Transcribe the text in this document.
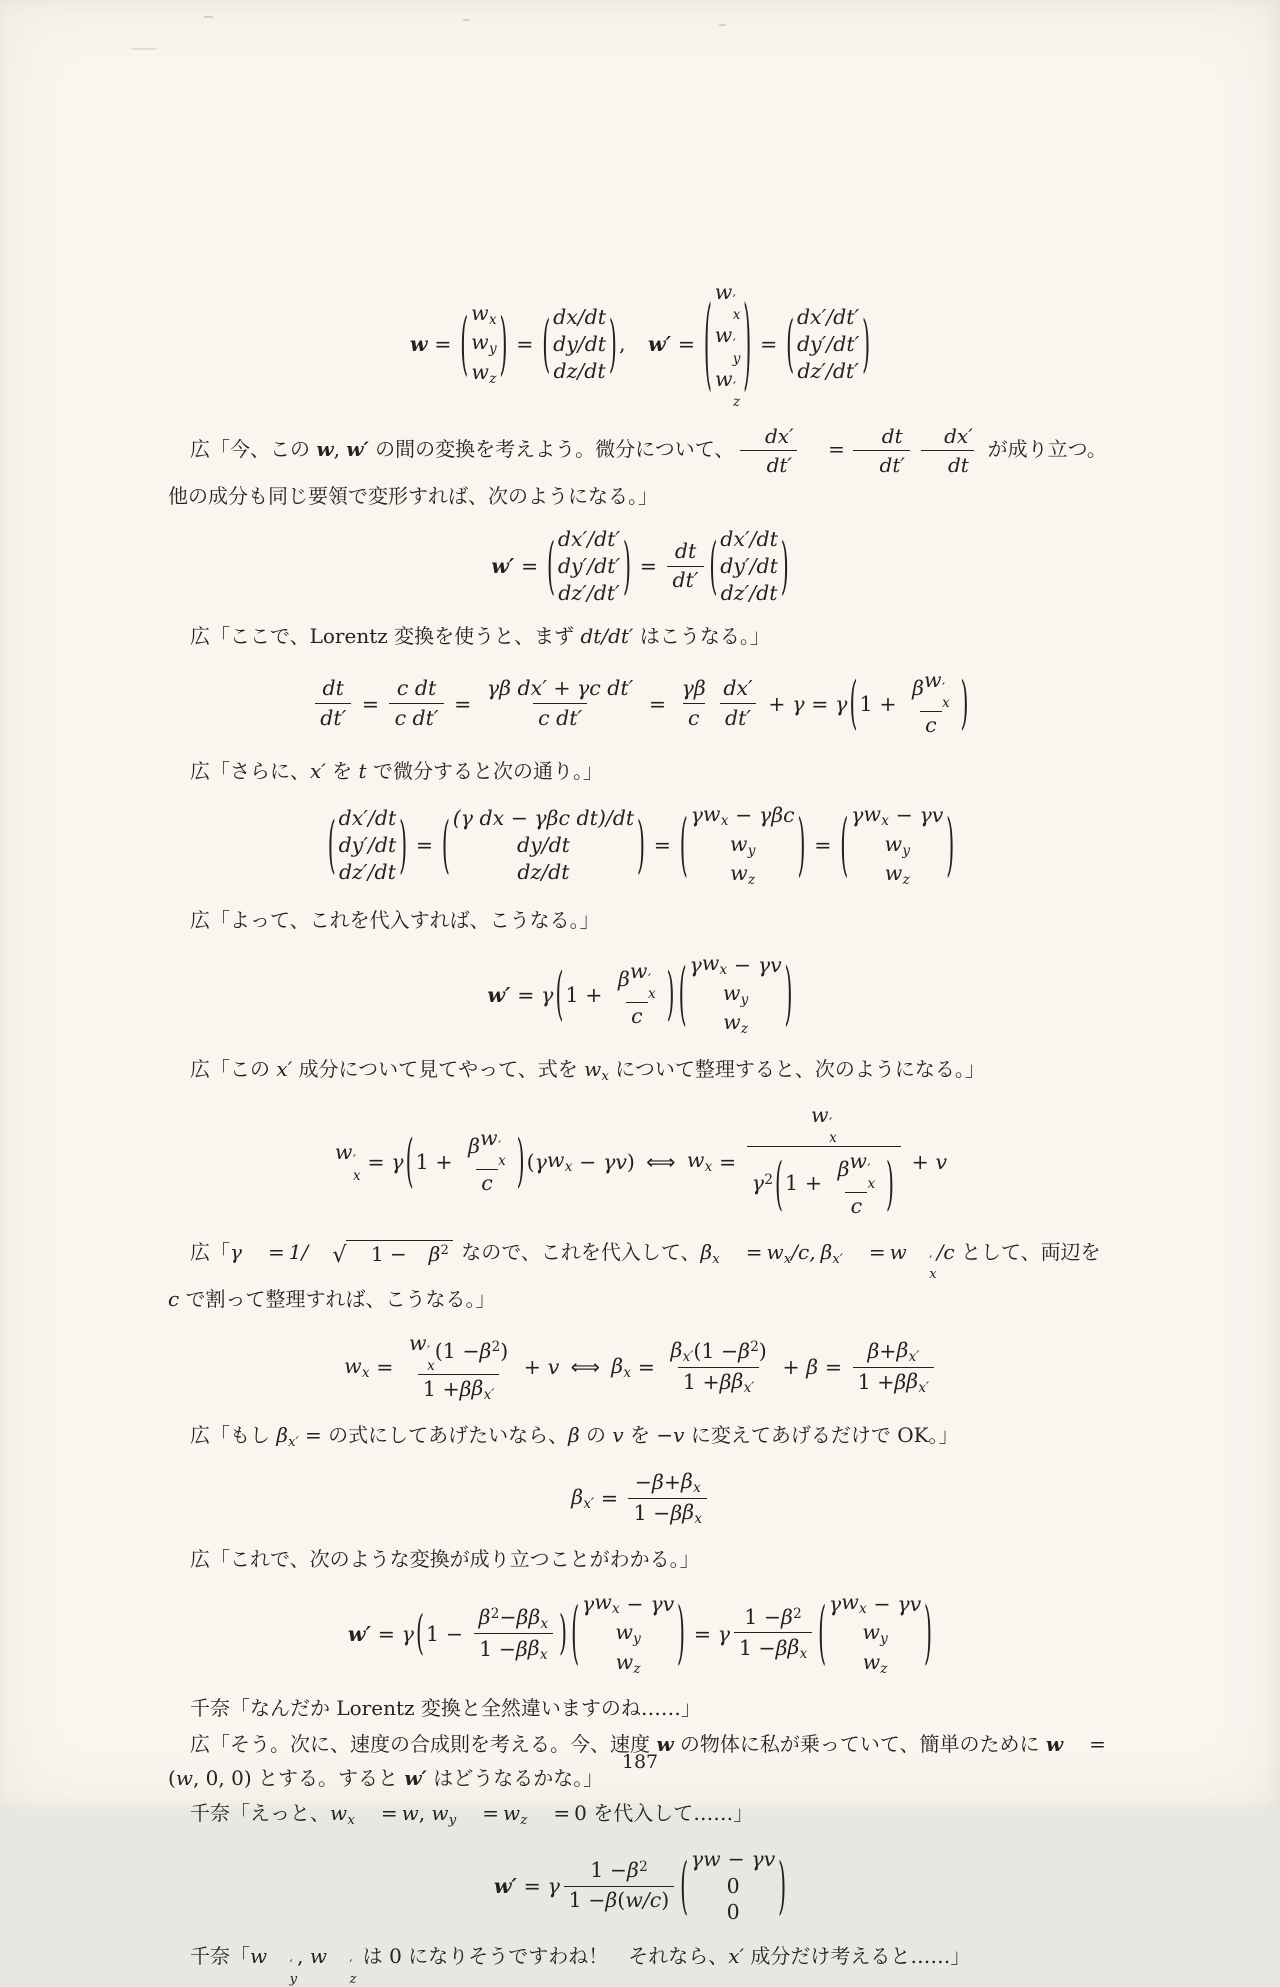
w = ( wx
wy
wz ) = ( dx/dt
dy/dt
dz/dt ) , w′ = ( w ′
x
w ′
y
w ′
z
) = ( dx′/dt′
dy′/dt′
dz′/dt′ )
広「今、この w, w′ の間の変換を考えよう。微分について、 $\frac{dx'}{dt'} = \frac{dt}{dt'} \frac{dx'}{dt}$ が成り立つ。他の成分も同じ要領で変形すれば、次のようになる。」
w′ = ( dx′/dt′
dy′/dt′
dz′/dt′ ) = $\frac{dt}{dt'}$ ( dx′/dt
dy′/dt
dz′/dt )
広「ここで、Lorentz 変換を使うと、まず dt/dt′ はこうなる。」
$\frac{dt}{dt'} = \frac{\text{c dt}}{\text{c dt′}} = \frac{\text{γβ dx′ + γc dt′}}{\text{c dt′}} = \frac{\gamma\beta}{c} \frac{dx'}{dt'} + \gamma = \gamma$ ( 1 + β w ′
x
c )
広「さらに、x′ を t で微分すると次の通り。」
( dx′/dt
dy′/dt
dz′/dt ) = ( (γ dx − γβc dt)/dt
dy/dt
dz/dt	) = ( γ wx − γβc
wy
wz ) = ( γ wx − γv
wy
wz )
広「よって、これを代入すれば、こうなる。」
w′ = γ ( 1 + β w ′
x
c ) ( γ wx − γv
wy
wz )
広「この x′ 成分について見てやって、式を wx について整理すると、次のようになる。」
w ′
x
= γ ( 1 + β w ′
x
c ) ( γ wx − γv ) ⟺ wx = w ′
x
$\gamma^2$ ( 1 + β w ′
x
c ) + v
広「γ = 1/	√	1 −	$\beta^2$ なので、これを代入して、βx = wx/c, βx′ = w	′
x
/c として、両辺を c で割って整理すれば、こうなる。」
wx = w ′
x
($1 - \beta^2$ )
1 + β βx′ + v ⟺ $\beta x = \frac{\beta x' (1 - \beta^2 )}{\text{1 + β βx′}} + \beta = \frac{\beta + \beta x'}{\text{1 + β βx′}}$
広「もし βx′ = の式にしてあげたいなら、β の v を −v に変えてあげるだけで OK。」
$\beta x' = \frac{- \beta + \beta x}{\text{1 − β βx}}$
広「これで、次のような変換が成り立つことがわかる。」
w′ = γ ( $1 - \frac{\beta^2 - \beta \beta x}{\text{1 − β βx}}$ ) ( γ wx − γv
wy
wz ) = γ $\frac{1 - \beta^2}{\text{1 − β βx}}$ ( γ wx − γv
wy
wz )
千奈「なんだか Lorentz 変換と全然違いますのね……」
広「そう。次に、速度の合成則を考える。今、速度 w の物体に私が乗っていて、簡単のために w =(w, 0, 0) とする。すると w′ はどうなるかな。」
千奈「えっと、wx = w, wy = wz = 0 を代入して……」
w′ = γ $\frac{1 - \beta^2}{1 - \beta ( w/c )}$ ( γw − γv
0
0 )
千奈「w	′
y
, w	′
z
は 0 になりそうですわね！　それなら、x′ 成分だけ考えると……」
187
